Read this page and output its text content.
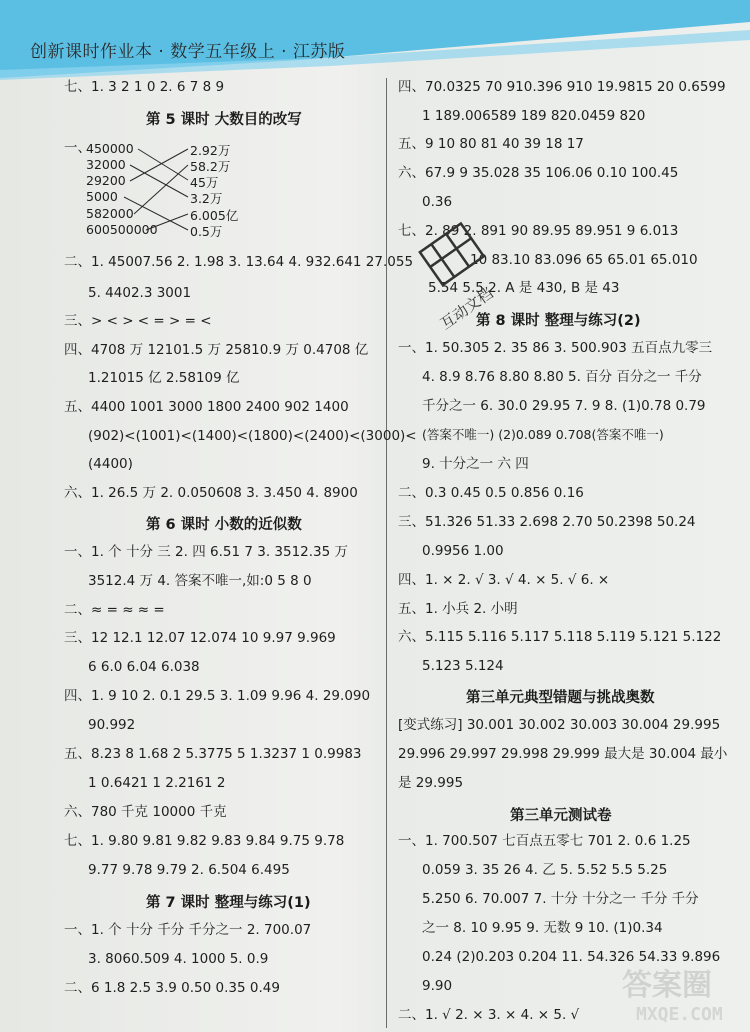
创新课时作业本 · 数学五年级上 · 江苏版
七、1. 3 2 1 0 2. 6 7 8 9
第 5 课时 大数目的改写
一、
450000
32000
29200
5000
582000
600500000
2.92万
58.2万
45万
3.2万
6.005亿
0.5万
二、1. 45007.56 2. 1.98 3. 13.64 4. 932.641 27.055
5. 4402.3 3001
三、> < > < = > = <
四、4708 万 12101.5 万 25810.9 万 0.4708 亿
1.21015 亿 2.58109 亿
五、4400 1001 3000 1800 2400 902 1400
(902)<(1001)<(1400)<(1800)<(2400)<(3000)<
(4400)
六、1. 26.5 万 2. 0.050608 3. 3.450 4. 8900
第 6 课时 小数的近似数
一、1. 个 十分 三 2. 四 6.51 7 3. 3512.35 万
3512.4 万 4. 答案不唯一,如:0 5 8 0
二、≈ = ≈ ≈ =
三、12 12.1 12.07 12.074 10 9.97 9.969
6 6.0 6.04 6.038
四、1. 9 10 2. 0.1 29.5 3. 1.09 9.96 4. 29.090
90.992
五、8.23 8 1.68 2 5.3775 5 1.3237 1 0.9983
1 0.6421 1 2.2161 2
六、780 千克 10000 千克
七、1. 9.80 9.81 9.82 9.83 9.84 9.75 9.78
9.77 9.78 9.79 2. 6.504 6.495
第 7 课时 整理与练习(1)
一、1. 个 十分 千分 千分之一 2. 700.07
3. 8060.509 4. 1000 5. 0.9
二、6 1.8 2.5 3.9 0.50 0.35 0.49
四、70.0325 70 910.396 910 19.9815 20 0.6599
1 189.006589 189 820.0459 820
五、9 10 80 81 40 39 18 17
六、67.9 9 35.028 35 106.06 0.10 100.45
0.36
七、2. 89 2. 891 90 89.95 89.951 9 6.013
10 83.10 83.096 65 65.01 65.010
5.54 5.5 2. A 是 430, B 是 43
第 8 课时 整理与练习(2)
一、1. 50.305 2. 35 86 3. 500.903 五百点九零三
4. 8.9 8.76 8.80 8.80 5. 百分 百分之一 千分
千分之一 6. 30.0 29.95 7. 9 8. (1)0.78 0.79
(答案不唯一) (2)0.089 0.708(答案不唯一)
9. 十分之一 六 四
二、0.3 0.45 0.5 0.856 0.16
三、51.326 51.33 2.698 2.70 50.2398 50.24
0.9956 1.00
四、1. × 2. √ 3. √ 4. × 5. √ 6. ×
五、1. 小兵 2. 小明
六、5.115 5.116 5.117 5.118 5.119 5.121 5.122
5.123 5.124
第三单元典型错题与挑战奥数
[变式练习] 30.001 30.002 30.003 30.004 29.995
29.996 29.997 29.998 29.999 最大是 30.004 最小
是 29.995
第三单元测试卷
一、1. 700.507 七百点五零七 701 2. 0.6 1.25
0.059 3. 35 26 4. 乙 5. 5.52 5.5 5.25
5.250 6. 70.007 7. 十分 十分之一 千分 千分
之一 8. 10 9.95 9. 无数 9 10. (1)0.34
0.24 (2)0.203 0.204 11. 54.326 54.33 9.896
9.90
二、1. √ 2. × 3. × 4. × 5. √
互动文档
答案圈
MXQE.COM
